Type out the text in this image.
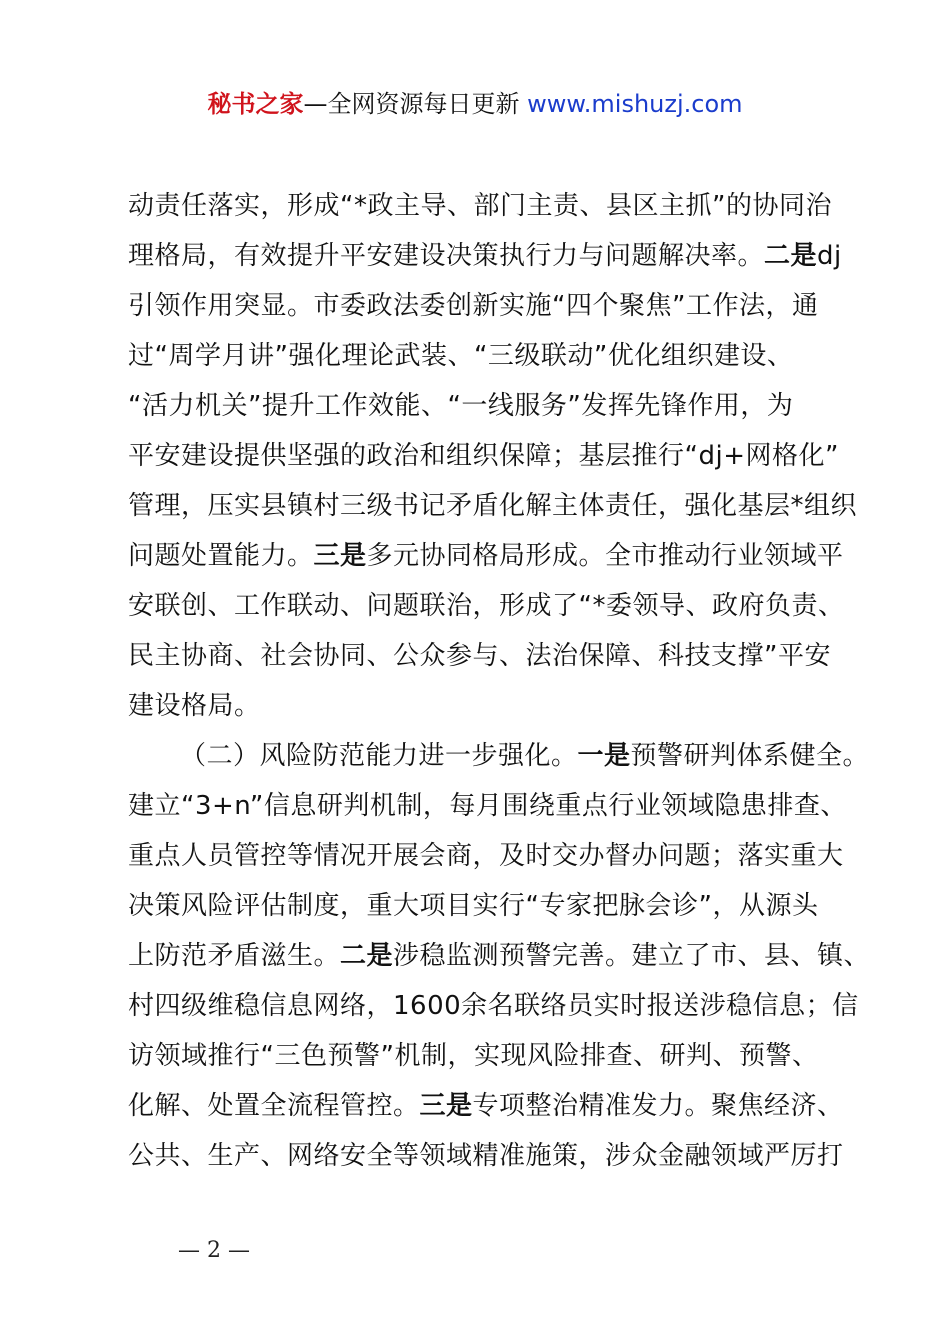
秘书之家—全网资源每日更新 www.mishuzj.com

动责任落实，形成“*政主导、部门主责、县区主抓”的协同治

理格局，有效提升平安建设决策执行力与问题解决率。二是dj

引领作用突显。市委政法委创新实施“四个聚焦”工作法，通

过“周学月讲”强化理论武装、“三级联动”优化组织建设、

“活力机关”提升工作效能、“一线服务”发挥先锋作用，为

平安建设提供坚强的政治和组织保障；基层推行“dj+网格化”

管理，压实县镇村三级书记矛盾化解主体责任，强化基层*组织

问题处置能力。三是多元协同格局形成。全市推动行业领域平

安联创、工作联动、问题联治，形成了“*委领导、政府负责、

民主协商、社会协同、公众参与、法治保障、科技支撑”平安

建设格局。

（二）风险防范能力进一步强化。一是预警研判体系健全。

建立“3+n”信息研判机制，每月围绕重点行业领域隐患排查、

重点人员管控等情况开展会商，及时交办督办问题；落实重大

决策风险评估制度，重大项目实行“专家把脉会诊”，从源头

上防范矛盾滋生。二是涉稳监测预警完善。建立了市、县、镇、

村四级维稳信息网络，1600余名联络员实时报送涉稳信息；信

访领域推行“三色预警”机制，实现风险排查、研判、预警、

化解、处置全流程管控。三是专项整治精准发力。聚焦经济、

公共、生产、网络安全等领域精准施策，涉众金融领域严厉打

— 2 —
